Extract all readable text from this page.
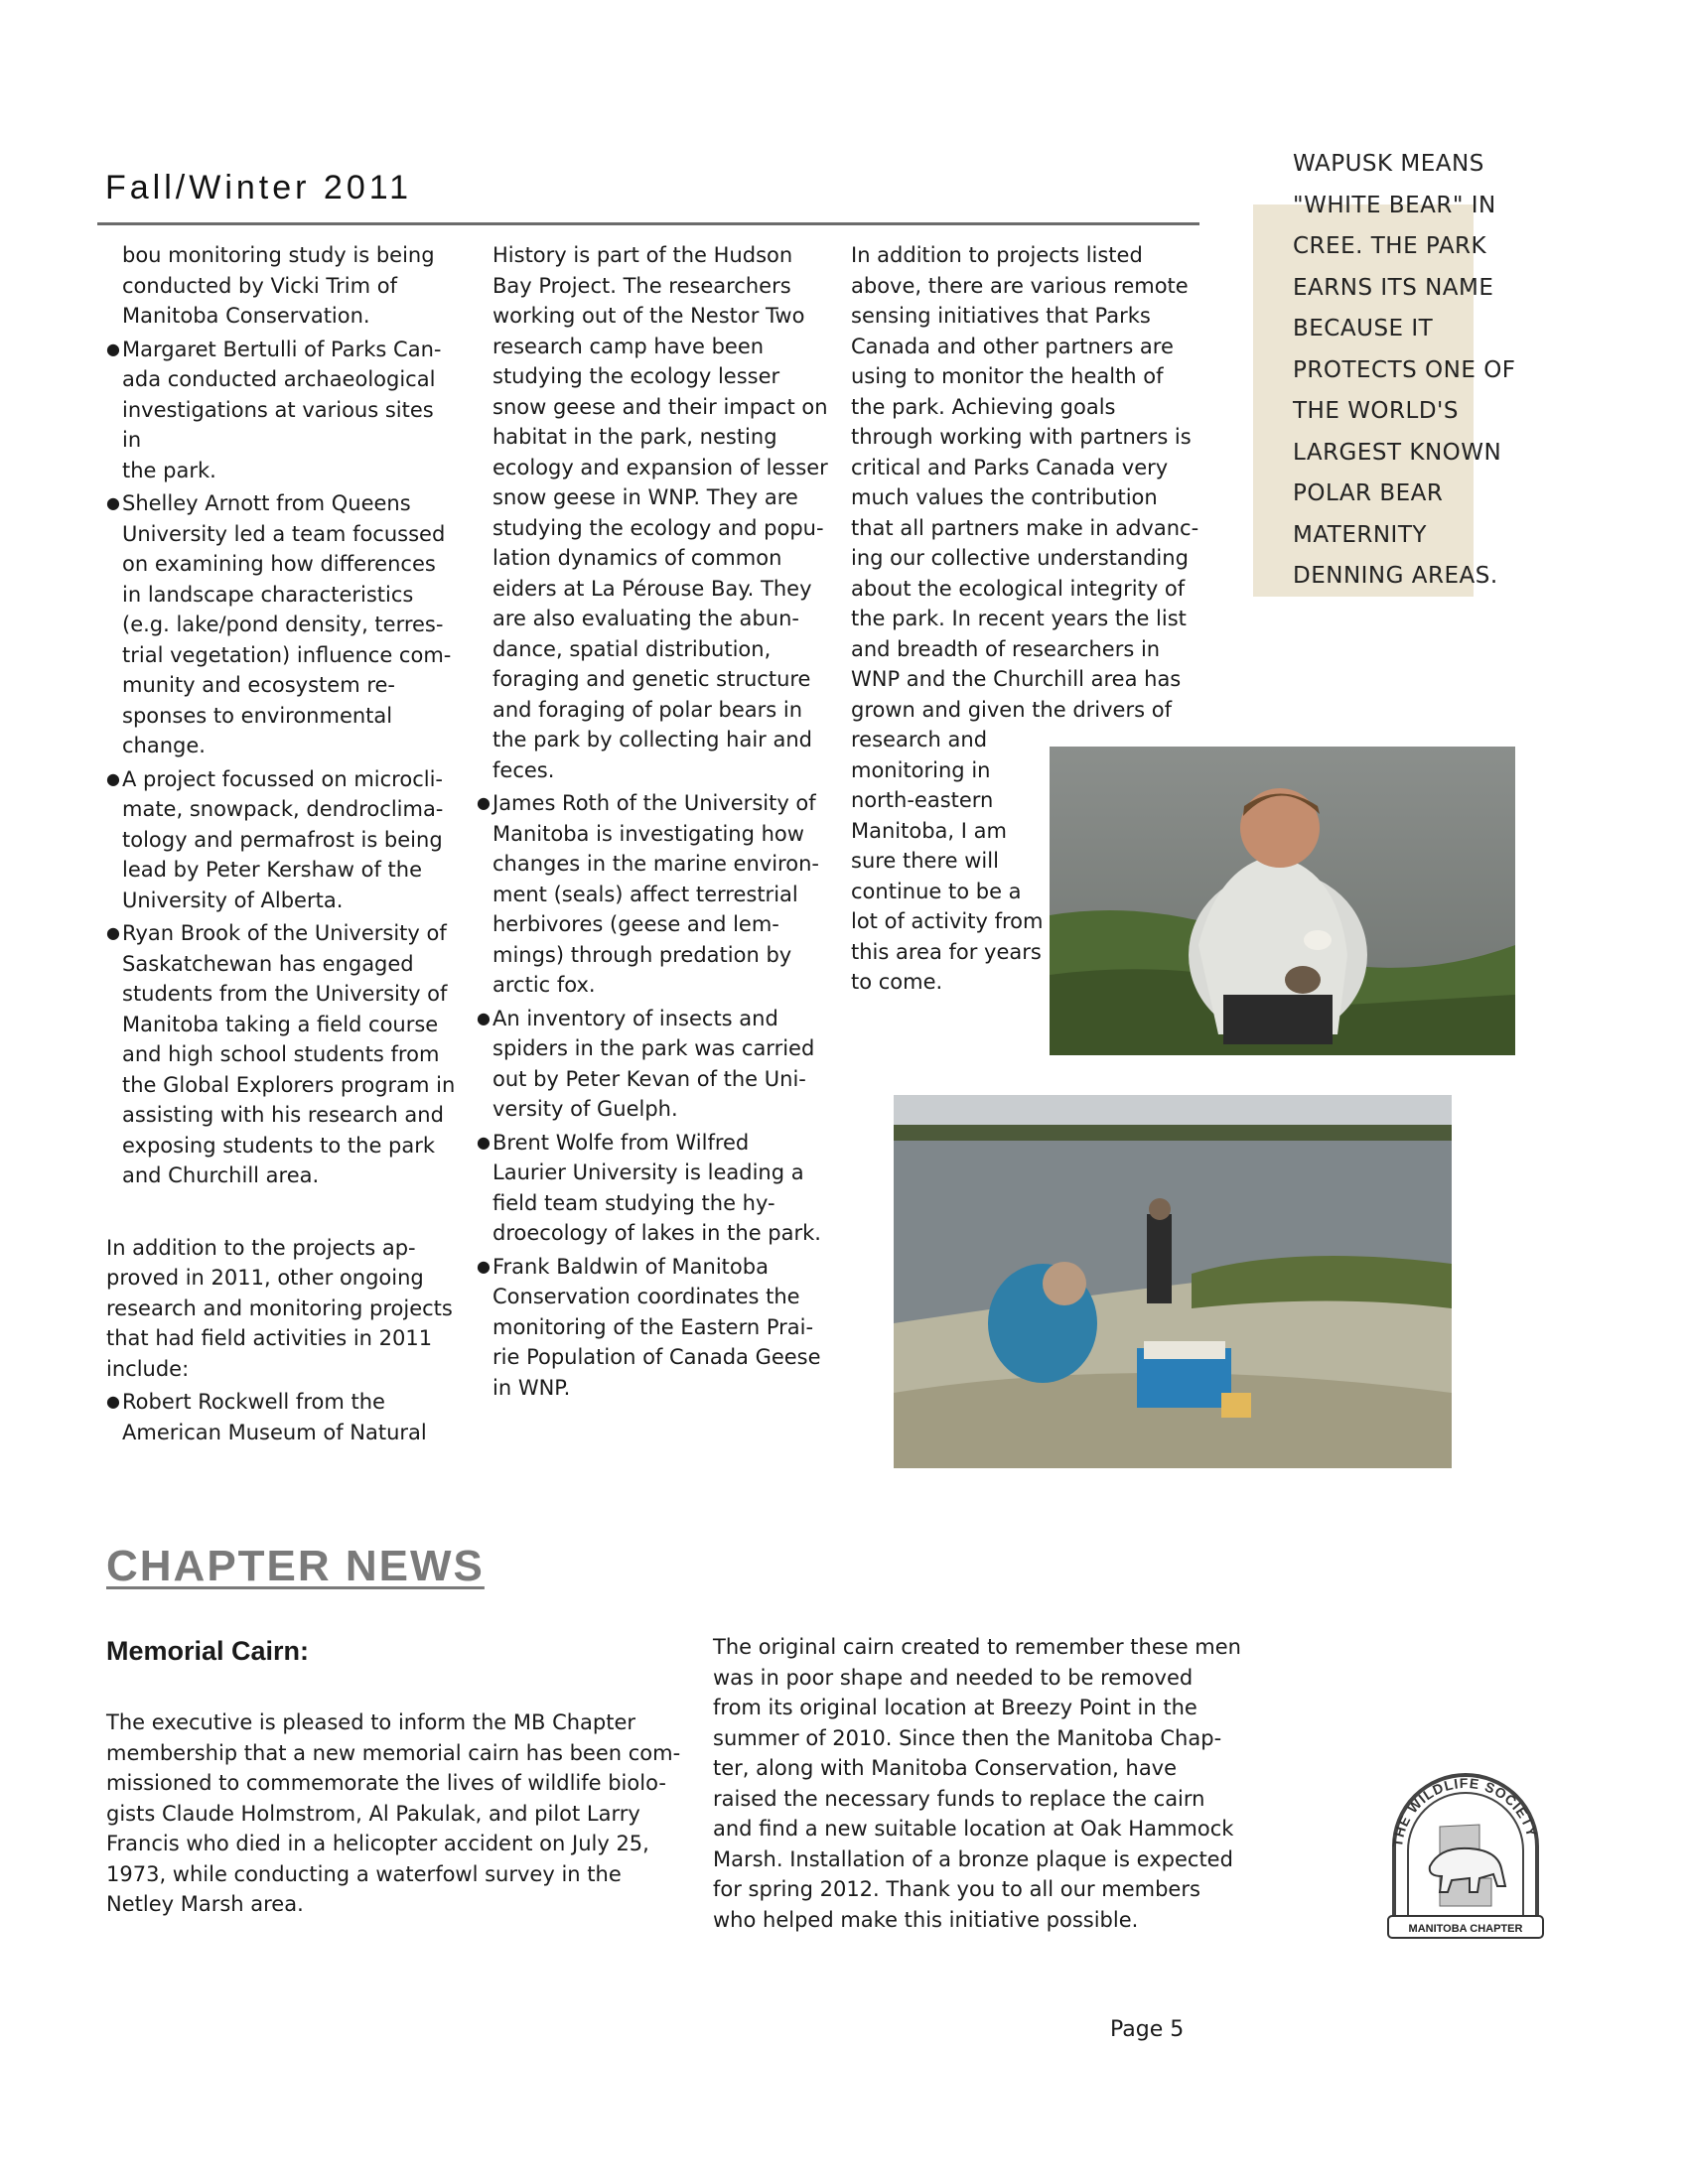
Fall/Winter 2011

bou monitoring study is being
conducted by Vicki Trim of
Manitoba Conservation.

● Margaret Bertulli of Parks Can-
ada conducted archaeological
investigations at various sites in
the park.
● Shelley Arnott from Queens
University led a team focussed
on examining how differences
in landscape characteristics
(e.g. lake/pond density, terres-
trial vegetation) influence com-
munity and ecosystem re-
sponses to environmental
change.
● A project focussed on microcli-
mate, snowpack, dendroclima-
tology and permafrost is being
lead by Peter Kershaw of the
University of Alberta.
● Ryan Brook of the University of
Saskatchewan has engaged
students from the University of
Manitoba taking a field course
and high school students from
the Global Explorers program in
assisting with his research and
exposing students to the park
and Churchill area.

In addition to the projects ap-
proved in 2011, other ongoing
research and monitoring projects
that had field activities in 2011
include:

● Robert Rockwell from the
American Museum of Natural

History is part of the Hudson
Bay Project. The researchers
working out of the Nestor Two
research camp have been
studying the ecology lesser
snow geese and their impact on
habitat in the park, nesting
ecology and expansion of lesser
snow geese in WNP. They are
studying the ecology and popu-
lation dynamics of common
eiders at La Pérouse Bay. They
are also evaluating the abun-
dance, spatial distribution,
foraging and genetic structure
and foraging of polar bears in
the park by collecting hair and
feces.

● James Roth of the University of
Manitoba is investigating how
changes in the marine environ-
ment (seals) affect terrestrial
herbivores (geese and lem-
mings) through predation by
arctic fox.
● An inventory of insects and
spiders in the park was carried
out by Peter Kevan of the Uni-
versity of Guelph.
● Brent Wolfe from Wilfred
Laurier University is leading a
field team studying the hy-
droecology of lakes in the park.
● Frank Baldwin of Manitoba
Conservation coordinates the
monitoring of the Eastern Prai-
rie Population of Canada Geese
in WNP.

In addition to projects listed
above, there are various remote
sensing initiatives that Parks
Canada and other partners are
using to monitor the health of
the park. Achieving goals
through working with partners is
critical and Parks Canada very
much values the contribution
that all partners make in advanc-
ing our collective understanding
about the ecological integrity of
the park. In recent years the list
and breadth of researchers in
WNP and the Churchill area has
grown and given the drivers of
research and
monitoring in
north-eastern
Manitoba, I am
sure there will
continue to be a
lot of activity from
this area for years
to come.

WAPUSK MEANS
"WHITE BEAR" IN
CREE. THE PARK
EARNS ITS NAME
BECAUSE IT
PROTECTS ONE OF
THE WORLD'S
LARGEST KNOWN
POLAR BEAR
MATERNITY
DENNING AREAS.
CHAPTER NEWS
Memorial Cairn:

The executive is pleased to inform the MB Chapter
membership that a new memorial cairn has been com-
missioned to commemorate the lives of wildlife biolo-
gists Claude Holmstrom, Al Pakulak, and pilot Larry
Francis who died in a helicopter accident on July 25,
1973, while conducting a waterfowl survey in the
Netley Marsh area.

The original cairn created to remember these men
was in poor shape and needed to be removed
from its original location at Breezy Point in the
summer of 2010. Since then the Manitoba Chap-
ter, along with Manitoba Conservation, have
raised the necessary funds to replace the cairn
and find a new suitable location at Oak Hammock
Marsh. Installation of a bronze plaque is expected
for spring 2012. Thank you to all our members
who helped make this initiative possible.

THE WILDLIFE SOCIETY
MANITOBA CHAPTER
Page 5
